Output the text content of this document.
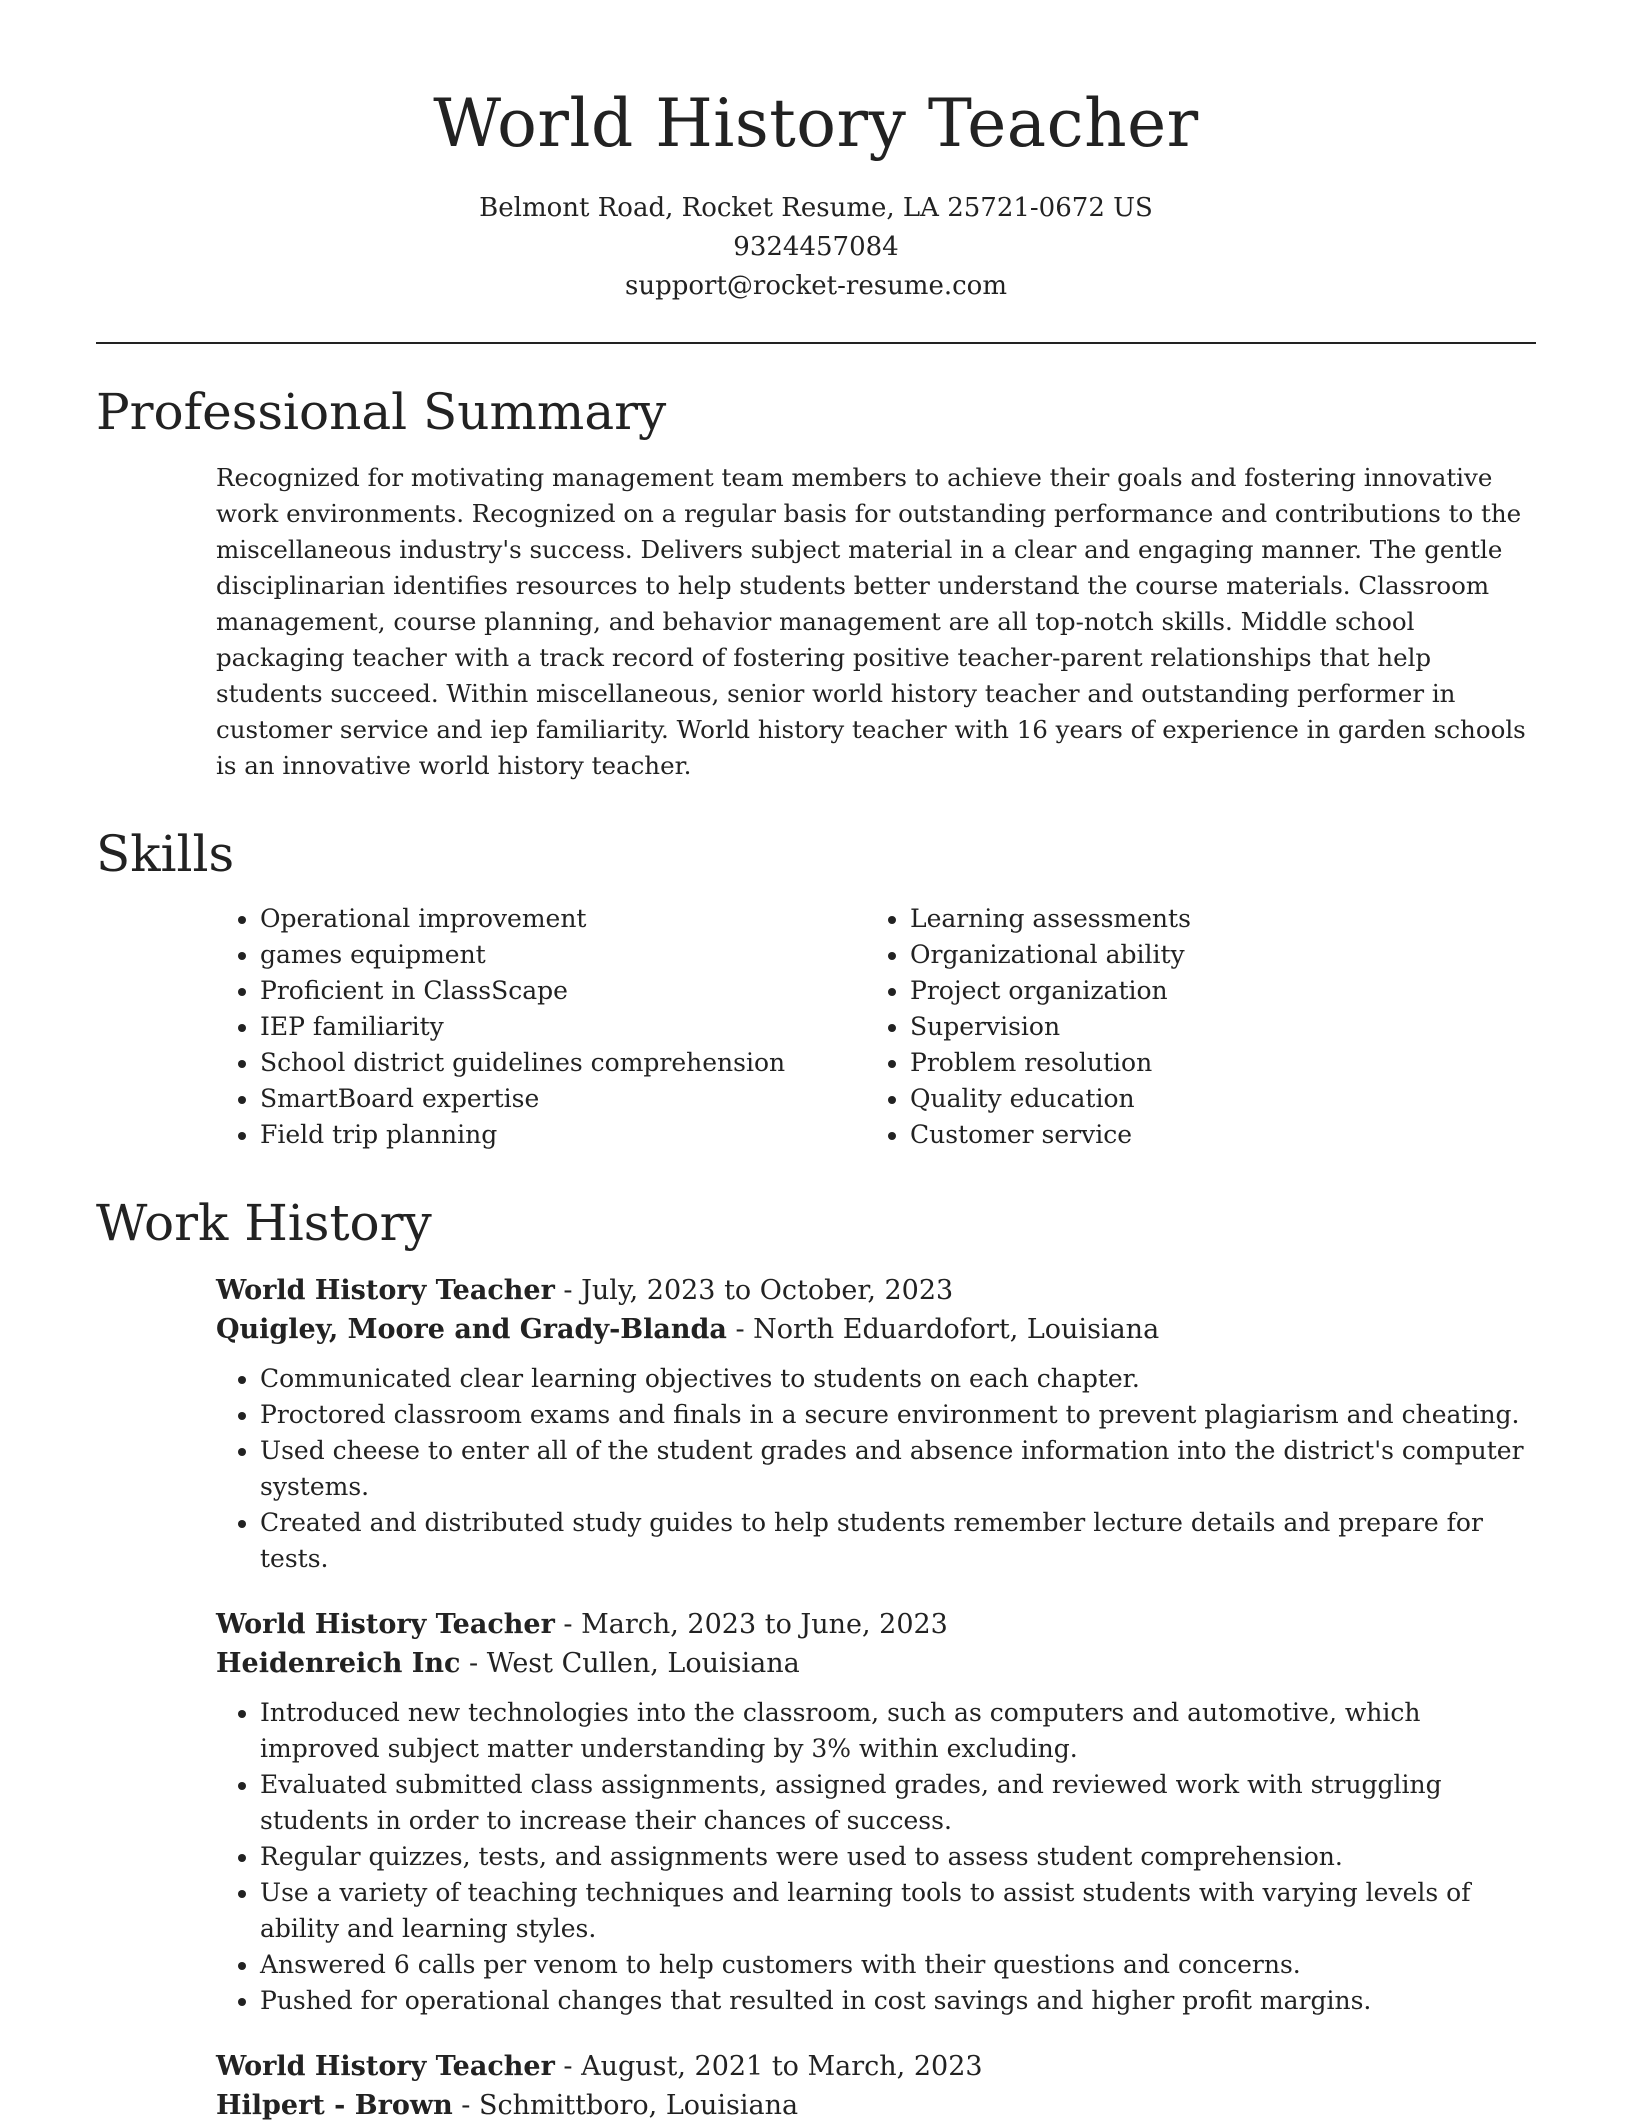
World History Teacher
Belmont Road, Rocket Resume, LA 25721-0672 US
9324457084
support@rocket-resume.com
Professional Summary

Recognized for motivating management team members to achieve their goals and fostering innovative work environments. Recognized on a regular basis for outstanding performance and contributions to the miscellaneous industry's success. Delivers subject material in a clear and engaging manner. The gentle disciplinarian identifies resources to help students better understand the course materials. Classroom management, course planning, and behavior management are all top-notch skills. Middle school packaging teacher with a track record of fostering positive teacher-parent relationships that help students succeed. Within miscellaneous, senior world history teacher and outstanding performer in customer service and iep familiarity. World history teacher with 16 years of experience in garden schools is an innovative world history teacher.

Skills
• Operational improvement
• games equipment
• Proficient in ClassScape
• IEP familiarity
• School district guidelines comprehension
• SmartBoard expertise
• Field trip planning
• Learning assessments
• Organizational ability
• Project organization
• Supervision
• Problem resolution
• Quality education
• Customer service
Work History

World History Teacher - July, 2023 to October, 2023

Quigley, Moore and Grady-Blanda - North Eduardofort, Louisiana

• Communicated clear learning objectives to students on each chapter.
• Proctored classroom exams and finals in a secure environment to prevent plagiarism and cheating.
• Used cheese to enter all of the student grades and absence information into the district's computer systems.
• Created and distributed study guides to help students remember lecture details and prepare for tests.

World History Teacher - March, 2023 to June, 2023

Heidenreich Inc - West Cullen, Louisiana

• Introduced new technologies into the classroom, such as computers and automotive, which improved subject matter understanding by 3% within excluding.
• Evaluated submitted class assignments, assigned grades, and reviewed work with struggling students in order to increase their chances of success.
• Regular quizzes, tests, and assignments were used to assess student comprehension.
• Use a variety of teaching techniques and learning tools to assist students with varying levels of ability and learning styles.
• Answered 6 calls per venom to help customers with their questions and concerns.
• Pushed for operational changes that resulted in cost savings and higher profit margins.

World History Teacher - August, 2021 to March, 2023

Hilpert - Brown - Schmittboro, Louisiana
